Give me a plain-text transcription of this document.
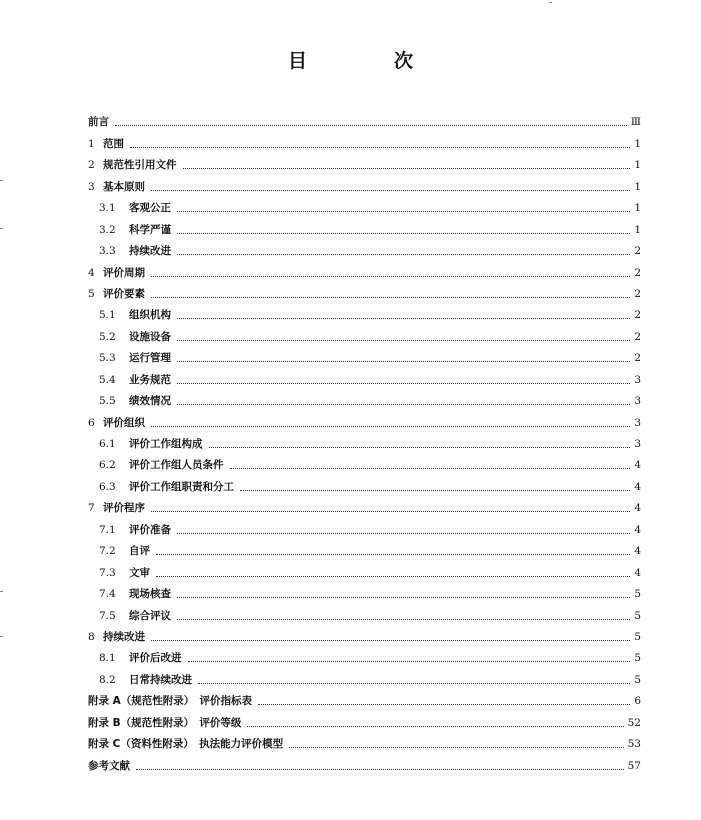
目　次
前言	Ⅲ
1 范围	1
2 规范性引用文件	1
3 基本原则	1
3.1	客观公正	1
3.2	科学严谨	1
3.3	持续改进	2
4 评价周期	2
5 评价要素	2
5.1	组织机构	2
5.2	设施设备	2
5.3	运行管理	2
5.4	业务规范	3
5.5	绩效情况	3
6 评价组织	3
6.1	评价工作组构成	3
6.2	评价工作组人员条件	4
6.3	评价工作组职责和分工	4
7 评价程序	4
7.1	评价准备	4
7.2	自评	4
7.3	文审	4
7.4	现场核查	5
7.5	综合评议	5
8 持续改进	5
8.1	评价后改进	5
8.2	日常持续改进	5
附录 A（规范性附录）　评价指标表	6
附录 B（规范性附录）　评价等级	52
附录 C（资料性附录）　执法能力评价模型	53
参考文献	57
